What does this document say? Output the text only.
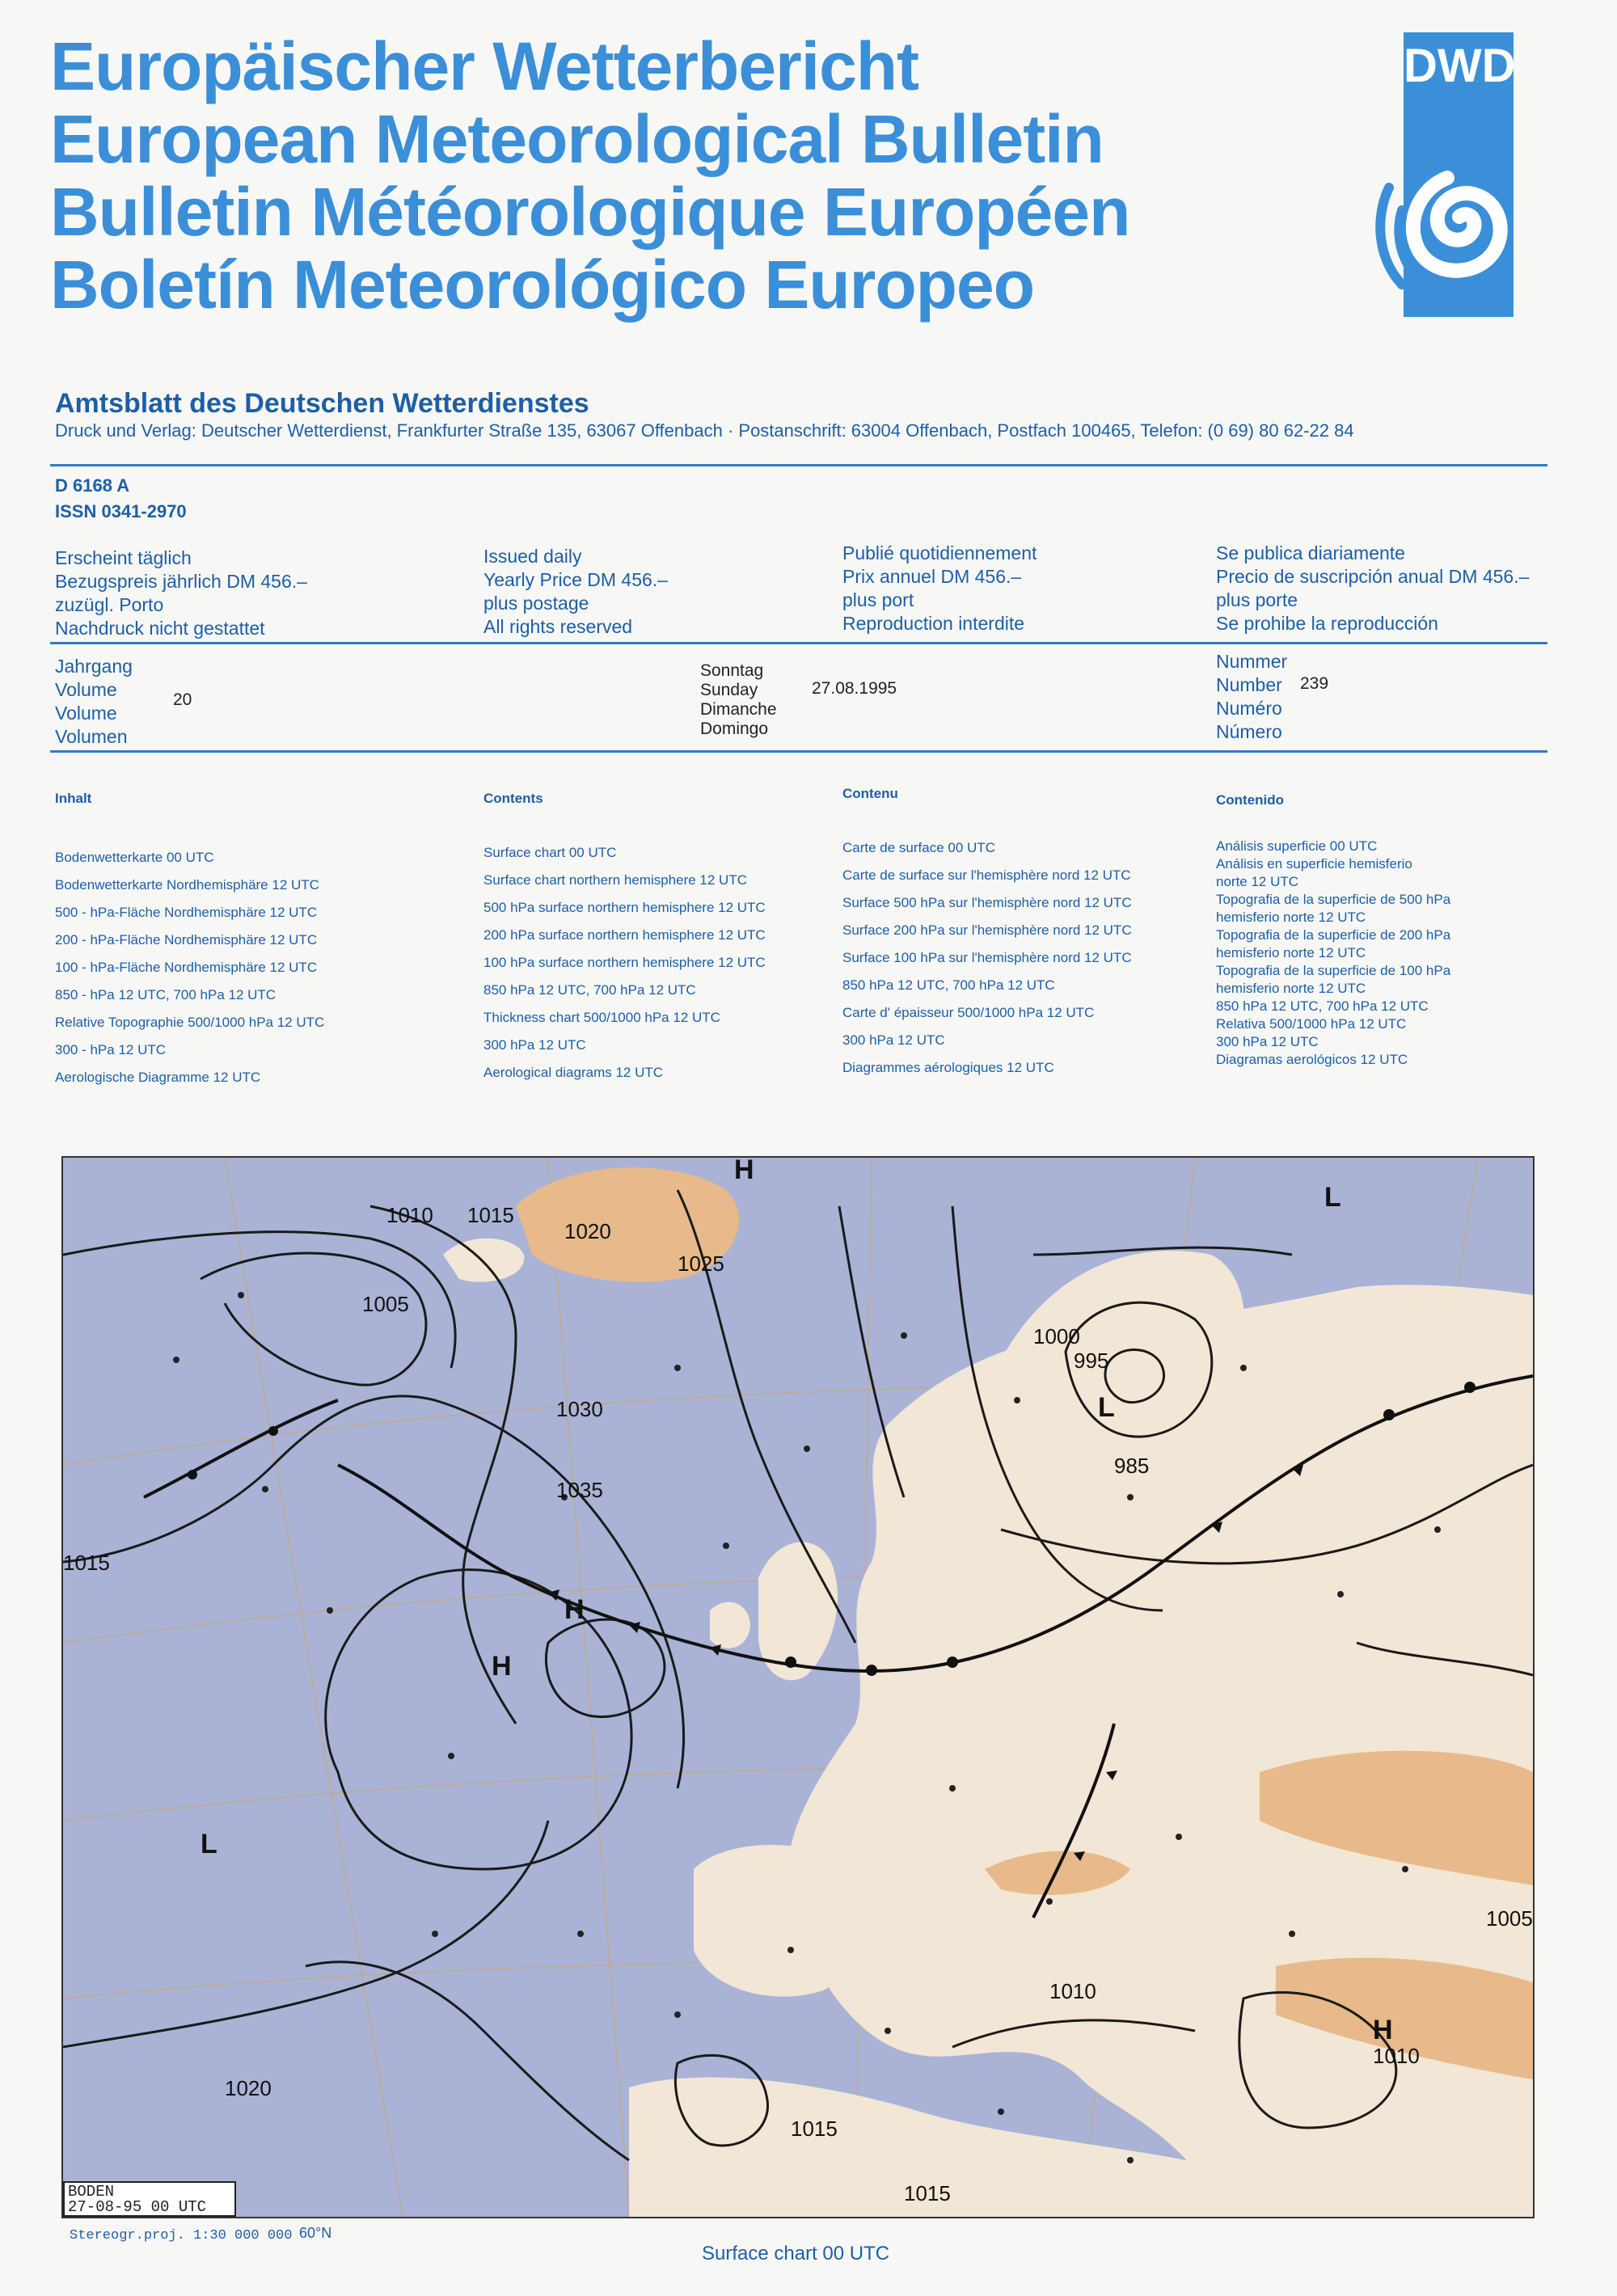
Europäischer Wetterbericht
European Meteorological Bulletin
Bulletin Météorologique Européen
Boletín Meteorológico Europeo
DWD
Amtsblatt des Deutschen Wetterdienstes
Druck und Verlag: Deutscher Wetterdienst, Frankfurter Straße 135, 63067 Offenbach · Postanschrift: 63004 Offenbach, Postfach 100465, Telefon: (0 69) 80 62-22 84
D 6168 A
ISSN 0341-2970
Erscheint täglich
Bezugspreis jährlich DM 456.–
zuzügl. Porto
Nachdruck nicht gestattet
Issued daily
Yearly Price DM 456.–
plus postage
All rights reserved
Publié quotidiennement
Prix annuel DM 456.–
plus port
Reproduction interdite
Se publica diariamente
Precio de suscripción anual DM 456.–
plus porte
Se prohibe la reproducción
Jahrgang
Volume
Volume
Volumen
20
Sonntag
Sunday
Dimanche
Domingo
27.08.1995
Nummer
Number
Numéro
Número
239
Inhalt
Bodenwetterkarte 00 UTC
Bodenwetterkarte Nordhemisphäre 12 UTC
500 - hPa-Fläche Nordhemisphäre 12 UTC
200 - hPa-Fläche Nordhemisphäre 12 UTC
100 - hPa-Fläche Nordhemisphäre 12 UTC
850 - hPa 12 UTC, 700 hPa 12 UTC
Relative Topographie 500/1000 hPa 12 UTC
300 - hPa 12 UTC
Aerologische Diagramme 12 UTC
Contents
Surface chart 00 UTC
Surface chart northern hemisphere 12 UTC
500 hPa surface northern hemisphere 12 UTC
200 hPa surface northern hemisphere 12 UTC
100 hPa surface northern hemisphere 12 UTC
850 hPa 12 UTC, 700 hPa 12 UTC
Thickness chart 500/1000 hPa 12 UTC
300 hPa 12 UTC
Aerological diagrams 12 UTC
Contenu
Carte de surface 00 UTC
Carte de surface sur l'hemisphère nord 12 UTC
Surface 500 hPa sur l'hemisphère nord 12 UTC
Surface 200 hPa sur l'hemisphère nord 12 UTC
Surface 100 hPa sur l'hemisphère nord 12 UTC
850 hPa 12 UTC, 700 hPa 12 UTC
Carte d' épaisseur 500/1000 hPa 12 UTC
300 hPa 12 UTC
Diagrammes aérologiques 12 UTC
Contenido
Análisis superficie 00 UTC
Análisis en superficie hemisferio
norte 12 UTC
Topografia de la superficie de 500 hPa
hemisferio norte 12 UTC
Topografia de la superficie de 200 hPa
hemisferio norte 12 UTC
Topografia de la superficie de 100 hPa
hemisferio norte 12 UTC
850 hPa 12 UTC, 700 hPa 12 UTC
Relativa 500/1000 hPa 12 UTC
300 hPa 12 UTC
Diagramas aerológicos 12 UTC
1010 1015
1005
1020
1025
1030
1035
1000
995
985
1015
1010
1005
1015
1020
1010
1015
H
H
L
L
H
L
H
BODEN
27-08-95 00 UTC
Stereogr.proj. 1:30 000 000 60°N
Surface chart 00 UTC
